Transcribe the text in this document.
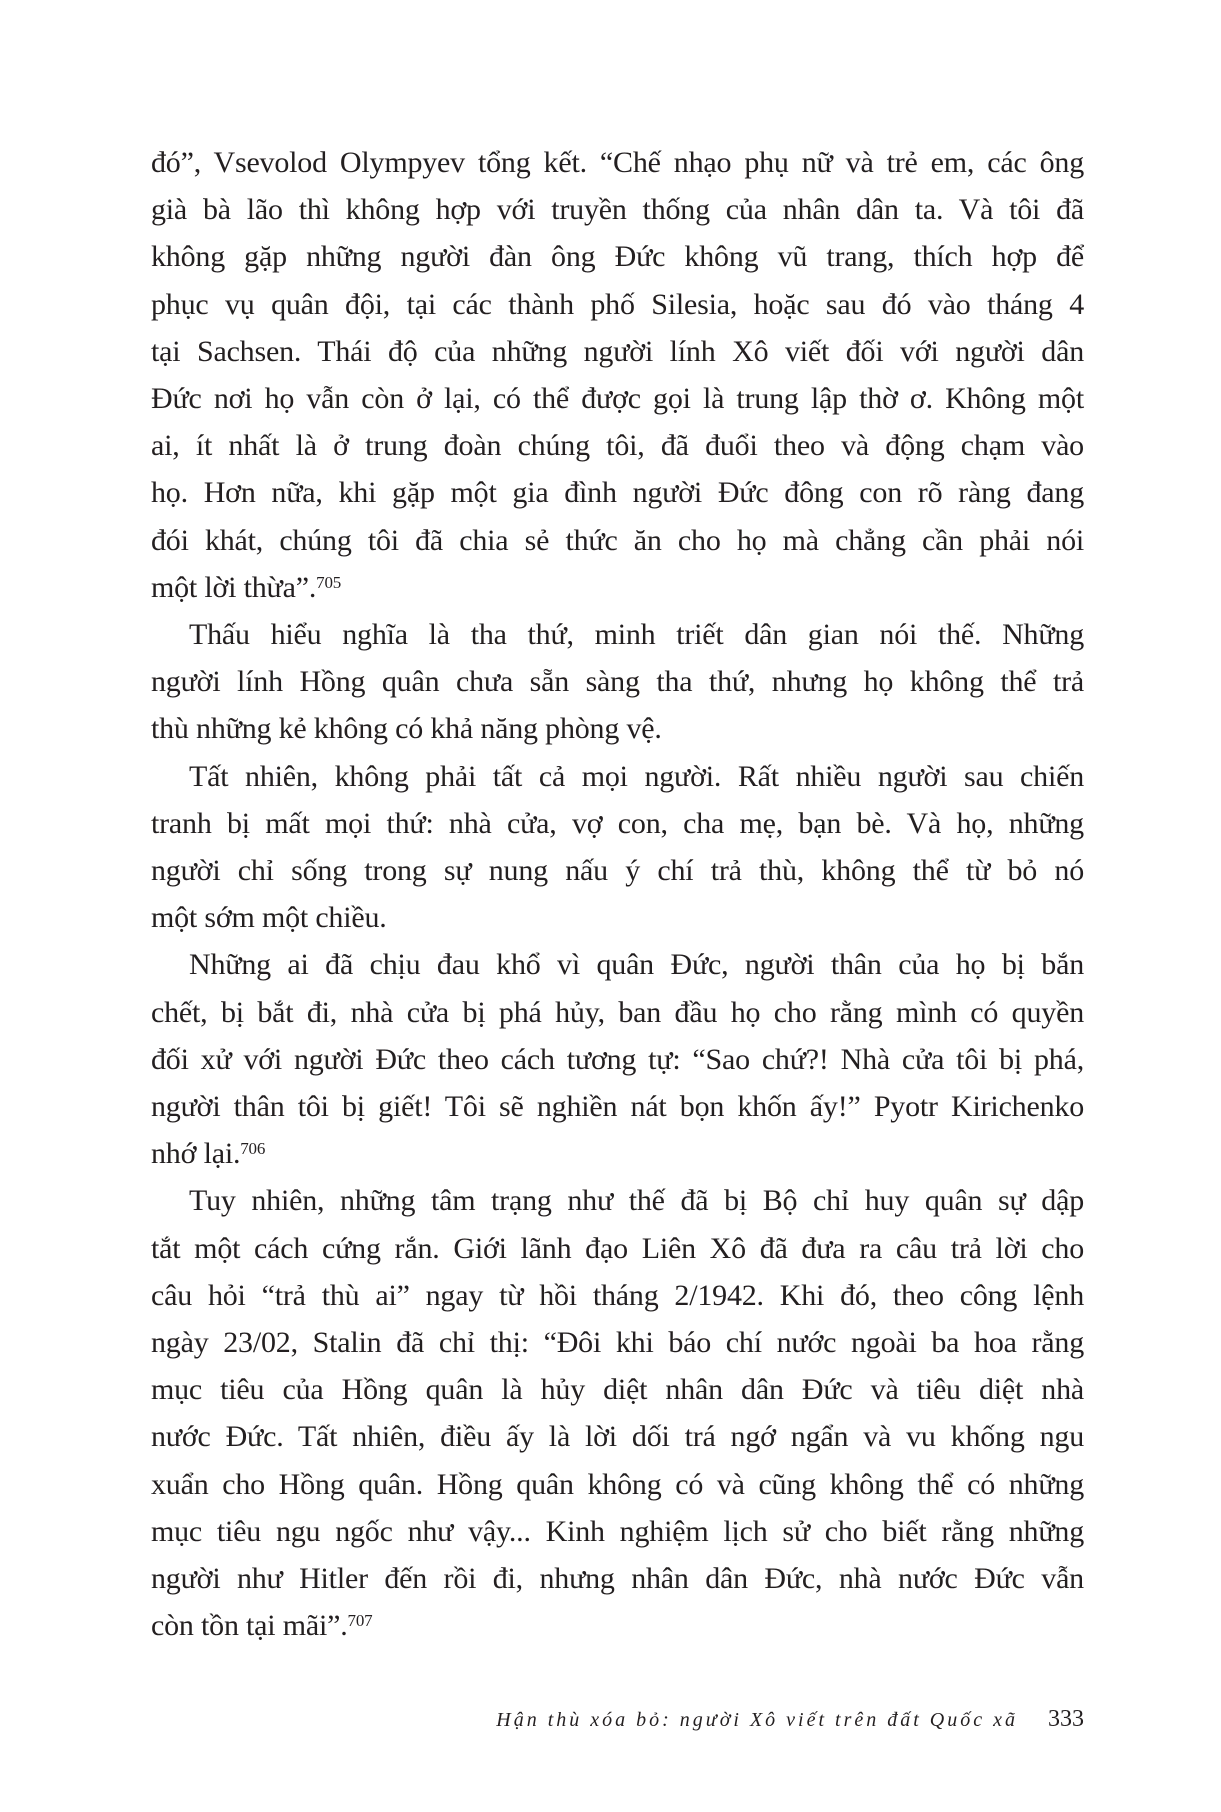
đó”, Vsevolod Olympyev tổng kết. “Chế nhạo phụ nữ và trẻ em, các ông
già bà lão thì không hợp với truyền thống của nhân dân ta. Và tôi đã
không gặp những người đàn ông Đức không vũ trang, thích hợp để
phục vụ quân đội, tại các thành phố Silesia, hoặc sau đó vào tháng 4
tại Sachsen. Thái độ của những người lính Xô viết đối với người dân
Đức nơi họ vẫn còn ở lại, có thể được gọi là trung lập thờ ơ. Không một
ai, ít nhất là ở trung đoàn chúng tôi, đã đuổi theo và động chạm vào
họ. Hơn nữa, khi gặp một gia đình người Đức đông con rõ ràng đang
đói khát, chúng tôi đã chia sẻ thức ăn cho họ mà chẳng cần phải nói
một lời thừa”.$^{705}$
Thấu hiểu nghĩa là tha thứ, minh triết dân gian nói thế. Những
người lính Hồng quân chưa sẵn sàng tha thứ, nhưng họ không thể trả
thù những kẻ không có khả năng phòng vệ.
Tất nhiên, không phải tất cả mọi người. Rất nhiều người sau chiến
tranh bị mất mọi thứ: nhà cửa, vợ con, cha mẹ, bạn bè. Và họ, những
người chỉ sống trong sự nung nấu ý chí trả thù, không thể từ bỏ nó
một sớm một chiều.
Những ai đã chịu đau khổ vì quân Đức, người thân của họ bị bắn
chết, bị bắt đi, nhà cửa bị phá hủy, ban đầu họ cho rằng mình có quyền
đối xử với người Đức theo cách tương tự: “Sao chứ?! Nhà cửa tôi bị phá,
người thân tôi bị giết! Tôi sẽ nghiền nát bọn khốn ấy!” Pyotr Kirichenko
nhớ lại.$^{706}$
Tuy nhiên, những tâm trạng như thế đã bị Bộ chỉ huy quân sự dập
tắt một cách cứng rắn. Giới lãnh đạo Liên Xô đã đưa ra câu trả lời cho
câu hỏi “trả thù ai” ngay từ hồi tháng 2/1942. Khi đó, theo công lệnh
ngày 23/02, Stalin đã chỉ thị: “Đôi khi báo chí nước ngoài ba hoa rằng
mục tiêu của Hồng quân là hủy diệt nhân dân Đức và tiêu diệt nhà
nước Đức. Tất nhiên, điều ấy là lời dối trá ngớ ngẩn và vu khống ngu
xuẩn cho Hồng quân. Hồng quân không có và cũng không thể có những
mục tiêu ngu ngốc như vậy... Kinh nghiệm lịch sử cho biết rằng những
người như Hitler đến rồi đi, nhưng nhân dân Đức, nhà nước Đức vẫn
còn tồn tại mãi”.$^{707}$
Hận thù xóa bỏ: người Xô viết trên đất Quốc xã 333
